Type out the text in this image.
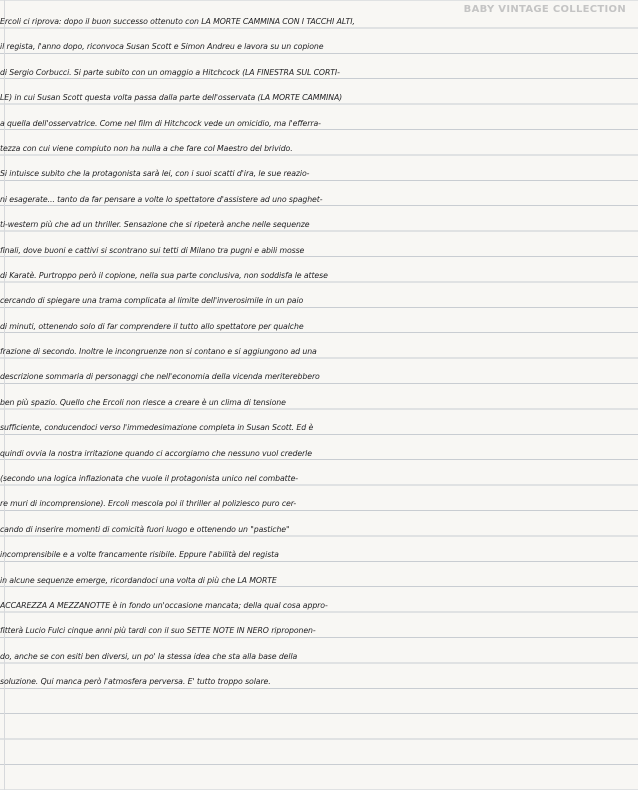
BABY VINTAGE COLLECTION
Ercoli ci riprova: dopo il buon successo ottenuto con LA MORTE CAMMINA CON I TACCHI ALTI,
il regista, l'anno dopo, riconvoca Susan Scott e Simon Andreu e lavora su un copione
di Sergio Corbucci. Si parte subito con un omaggio a Hitchcock (LA FINESTRA SUL CORTI-
LE) in cui Susan Scott questa volta passa dalla parte dell'osservata (LA MORTE CAMMINA)
a quella dell'osservatrice. Come nel film di Hitchcock vede un omicidio, ma l'efferra-
tezza con cui viene compiuto non ha nulla a che fare col Maestro del brivido.
Si intuisce subito che la protagonista sarà lei, con i suoi scatti d'ira, le sue reazio-
ni esagerate... tanto da far pensare a volte lo spettatore d'assistere ad uno spaghet-
ti-western più che ad un thriller. Sensazione che si ripeterà anche nelle sequenze
finali, dove buoni e cattivi si scontrano sui tetti di Milano tra pugni e abili mosse
di Karatè. Purtroppo però il copione, nella sua parte conclusiva, non soddisfa le attese
cercando di spiegare una trama complicata al limite dell'inverosimile in un paio
di minuti, ottenendo solo di far comprendere il tutto allo spettatore per qualche
frazione di secondo. Inoltre le incongruenze non si contano e si aggiungono ad una
descrizione sommaria di personaggi che nell'economia della vicenda meriterebbero
ben più spazio. Quello che Ercoli non riesce a creare è un clima di tensione
sufficiente, conducendoci verso l'immedesimazione completa in Susan Scott. Ed è
quindi ovvia la nostra irritazione quando ci accorgiamo che nessuno vuol crederle
(secondo una logica inflazionata che vuole il protagonista unico nel combatte-
re muri di incomprensione). Ercoli mescola poi il thriller al poliziesco puro cer-
cando di inserire momenti di comicità fuori luogo e ottenendo un "pastiche"
incomprensibile e a volte francamente risibile. Eppure l'abilità del regista
in alcune sequenze emerge, ricordandoci una volta di più che LA MORTE
ACCAREZZA A MEZZANOTTE è in fondo un'occasione mancata; della qual cosa appro-
fitterà Lucio Fulci cinque anni più tardi con il suo SETTE NOTE IN NERO riproponen-
do, anche se con esiti ben diversi, un po' la stessa idea che sta alla base della
soluzione. Qui manca però l'atmosfera perversa. E' tutto troppo solare.
